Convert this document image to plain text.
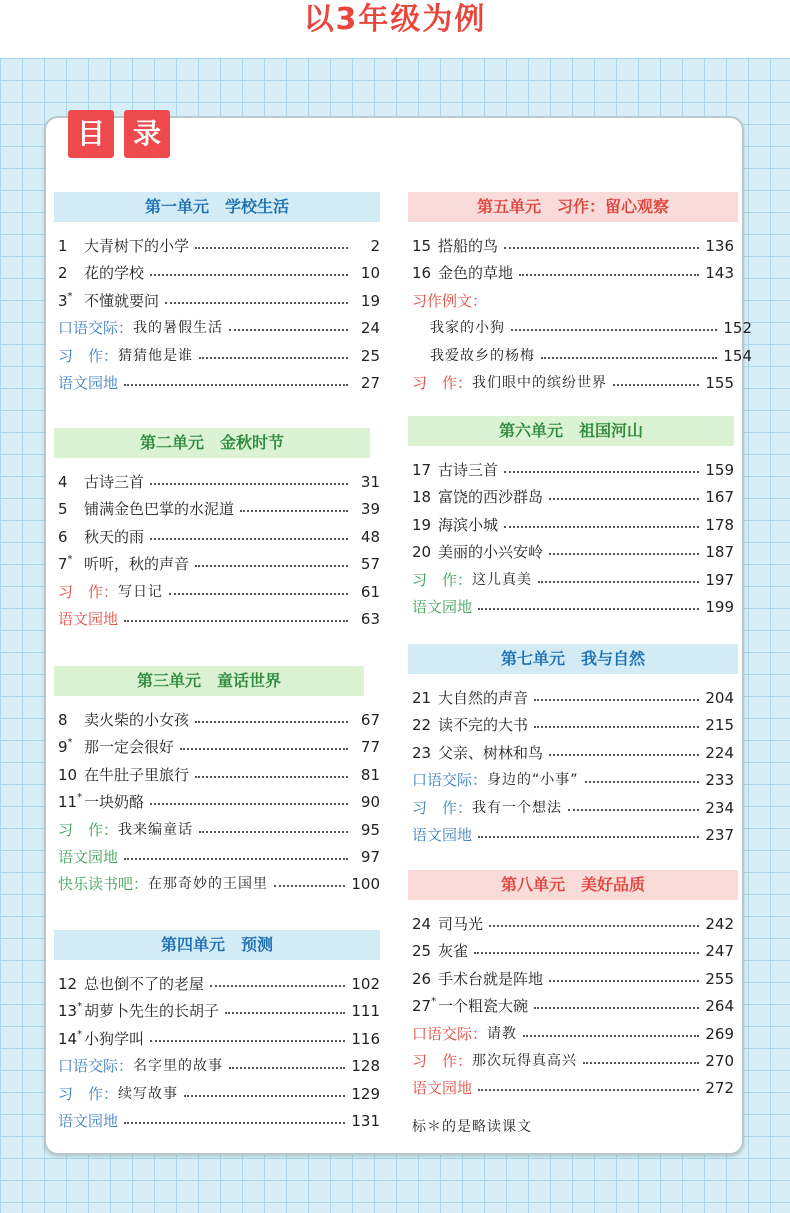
以3年级为例
目 录
第一单元　学校生活
1	大青树下的小学	2
2	花的学校	10
3* 不懂就要问	19
口语交际： 我的暑假生活	24
习　作： 猜猜他是谁	25
语文园地	27
第二单元　金秋时节
4	古诗三首	31
5	铺满金色巴掌的水泥道	39
6	秋天的雨	48
7* 听听，秋的声音	57
习　作： 写日记	61
语文园地	63
第三单元　童话世界
8	卖火柴的小女孩	67
9* 那一定会很好	77
10 在牛肚子里旅行	81
11* 一块奶酪	90
习　作： 我来编童话	95
语文园地	97
快乐读书吧： 在那奇妙的王国里	100
第四单元　预测
12 总也倒不了的老屋	102
13* 胡萝卜先生的长胡子	111
14* 小狗学叫	116
口语交际： 名字里的故事	128
习　作： 续写故事	129
语文园地	131
第五单元　习作：留心观察
15 搭船的鸟	136
16 金色的草地	143
习作例文：
我家的小狗	152
我爱故乡的杨梅	154
习　作： 我们眼中的缤纷世界	155
第六单元　祖国河山
17 古诗三首	159
18 富饶的西沙群岛	167
19 海滨小城	178
20 美丽的小兴安岭	187
习　作： 这儿真美	197
语文园地	199
第七单元　我与自然
21 大自然的声音	204
22 读不完的大书	215
23 父亲、树林和鸟	224
口语交际： 身边的“小事”	233
习　作： 我有一个想法	234
语文园地	237
第八单元　美好品质
24 司马光	242
25 灰雀	247
26 手术台就是阵地	255
27* 一个粗瓷大碗	264
口语交际： 请教	269
习　作： 那次玩得真高兴	270
语文园地	272
标＊的是略读课文
